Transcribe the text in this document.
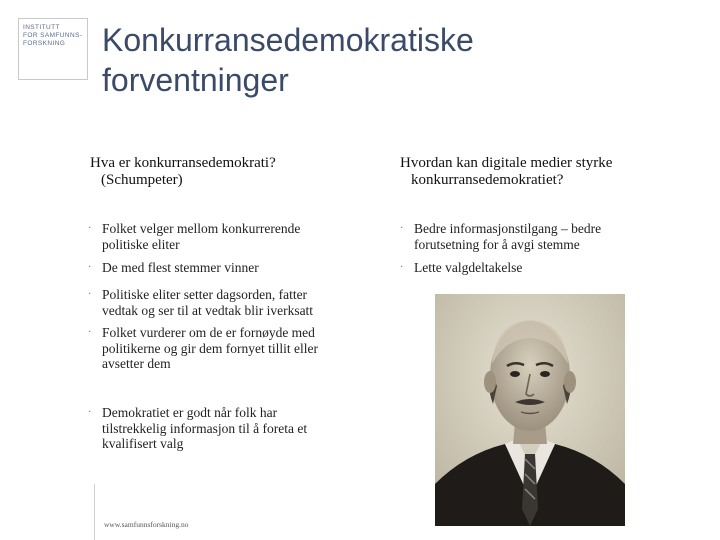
INSTITUTT
FOR SAMFUNNS-
FORSKNING	Konkurransedemokratiske
forventninger
Hva er konkurransedemokrati?
(Schumpeter)
Hvordan kan digitale medier styrke
konkurransedemokratiet?
· Folket velger mellom konkurrerende
politiske eliter
· De med flest stemmer vinner
· Politiske eliter setter dagsorden, fatter
vedtak og ser til at vedtak blir iverksatt
· Folket vurderer om de er fornøyde med
politikerne og gir dem fornyet tillit eller
avsetter dem
· Demokratiet er godt når folk har
tilstrekkelig informasjon til å foreta et
kvalifisert valg
· Bedre informasjonstilgang – bedre
forutsetning for å avgi stemme
· Lette valgdeltakelse
www.samfunnsforskning.no
